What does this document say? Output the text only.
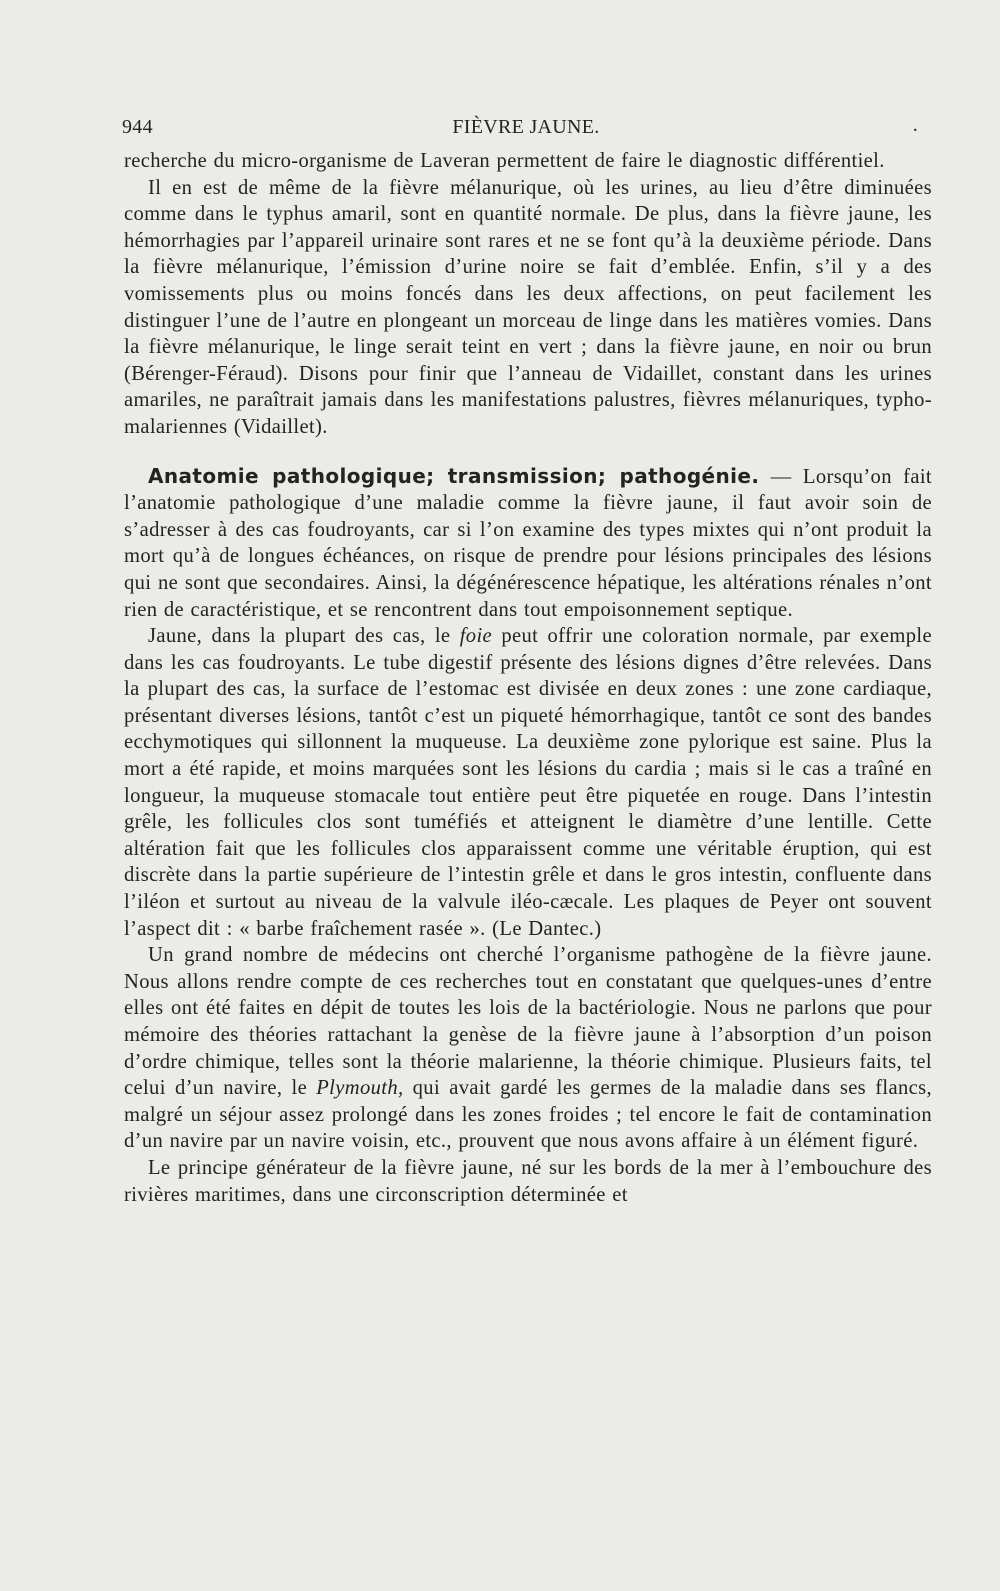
944	FIÈVRE JAUNE.	.

recherche du micro-organisme de Laveran permettent de faire le diagnostic différentiel.

Il en est de même de la fièvre mélanurique, où les urines, au lieu d’être diminuées comme dans le typhus amaril, sont en quantité normale. De plus, dans la fièvre jaune, les hémorrhagies par l’appareil urinaire sont rares et ne se font qu’à la deuxième période. Dans la fièvre mélanurique, l’émission d’urine noire se fait d’emblée. Enfin, s’il y a des vomissements plus ou moins foncés dans les deux affections, on peut facilement les distinguer l’une de l’autre en plongeant un morceau de linge dans les matières vomies. Dans la fièvre mélanurique, le linge serait teint en vert ; dans la fièvre jaune, en noir ou brun (Bérenger-Féraud). Disons pour finir que l’anneau de Vidaillet, constant dans les urines amariles, ne paraîtrait jamais dans les manifestations palustres, fièvres mélanuriques, typho-malariennes (Vidaillet).

Anatomie pathologique; transmission; pathogénie. — Lorsqu’on fait l’anatomie pathologique d’une maladie comme la fièvre jaune, il faut avoir soin de s’adresser à des cas foudroyants, car si l’on examine des types mixtes qui n’ont produit la mort qu’à de longues échéances, on risque de prendre pour lésions principales des lésions qui ne sont que secondaires. Ainsi, la dégénérescence hépatique, les altérations rénales n’ont rien de caractéristique, et se rencontrent dans tout empoisonnement septique.

Jaune, dans la plupart des cas, le foie peut offrir une coloration normale, par exemple dans les cas foudroyants. Le tube digestif présente des lésions dignes d’être relevées. Dans la plupart des cas, la surface de l’estomac est divisée en deux zones : une zone cardiaque, présentant diverses lésions, tantôt c’est un piqueté hémorrhagique, tantôt ce sont des bandes ecchymotiques qui sillonnent la muqueuse. La deuxième zone pylorique est saine. Plus la mort a été rapide, et moins marquées sont les lésions du cardia ; mais si le cas a traîné en longueur, la muqueuse stomacale tout entière peut être piquetée en rouge. Dans l’intestin grêle, les follicules clos sont tuméfiés et atteignent le diamètre d’une lentille. Cette altération fait que les follicules clos apparaissent comme une véritable éruption, qui est discrète dans la partie supérieure de l’intestin grêle et dans le gros intestin, confluente dans l’iléon et surtout au niveau de la valvule iléo-cæcale. Les plaques de Peyer ont souvent l’aspect dit : « barbe fraîchement rasée ». (Le Dantec.)

Un grand nombre de médecins ont cherché l’organisme pathogène de la fièvre jaune. Nous allons rendre compte de ces recherches tout en constatant que quelques-unes d’entre elles ont été faites en dépit de toutes les lois de la bactériologie. Nous ne parlons que pour mémoire des théories rattachant la genèse de la fièvre jaune à l’absorption d’un poison d’ordre chimique, telles sont la théorie malarienne, la théorie chimique. Plusieurs faits, tel celui d’un navire, le Plymouth, qui avait gardé les germes de la maladie dans ses flancs, malgré un séjour assez prolongé dans les zones froides ; tel encore le fait de contamination d’un navire par un navire voisin, etc., prouvent que nous avons affaire à un élément figuré.

Le principe générateur de la fièvre jaune, né sur les bords de la mer à l’embouchure des rivières maritimes, dans une circonscription déterminée et
